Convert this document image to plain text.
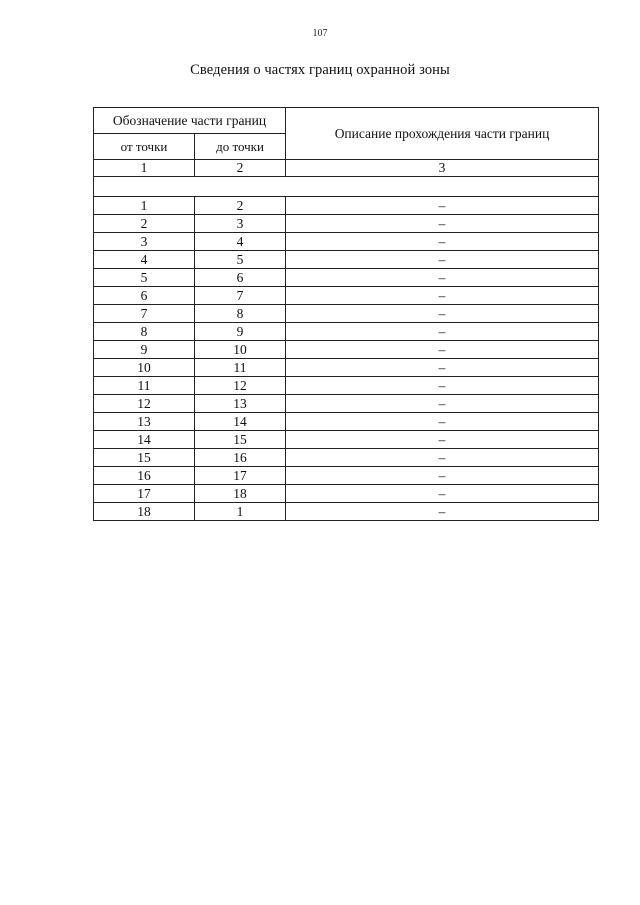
107
Сведения о частях границ охранной зоны
Обозначение части границ		Описание прохождения части границ
от точки	до точки	
1	2	3

1	2	–
2	3	–
3	4	–
4	5	–
5	6	–
6	7	–
7	8	–
8	9	–
9	10	–
10	11	–
11	12	–
12	13	–
13	14	–
14	15	–
15	16	–
16	17	–
17	18	–
18	1	–
